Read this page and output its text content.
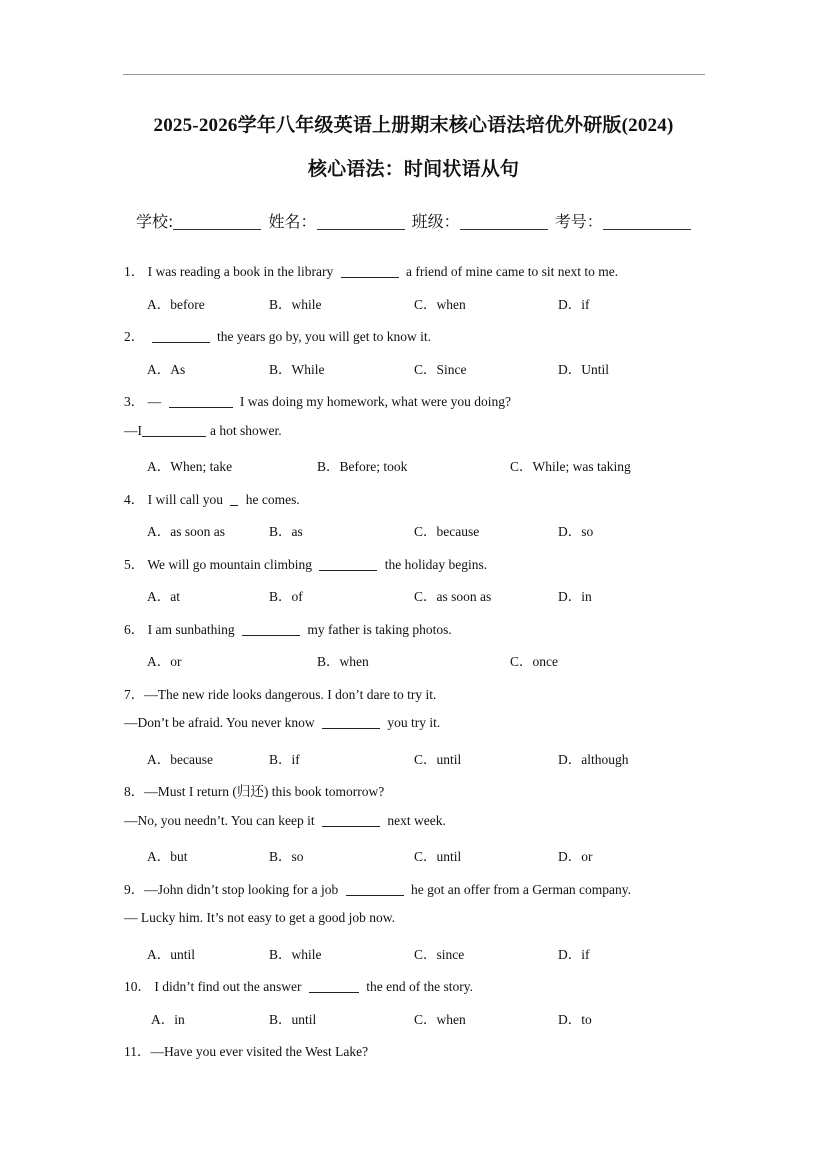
2025-2026学年八年级英语上册期末核心语法培优外研版(2024)
核心语法：时间状语从句
学校:	姓名：	班级：	考号：
1． I was reading a book in the library	a friend of mine came to sit next to me.
A．before	B．while	C．when	D．if
2．	the years go by, you will get to know it.
A．As	B．While	C．Since	D．Until
3． —	I was doing my homework, what were you doing?
—I	a hot shower.
A．When; take	B．Before; took	C．While; was taking
4． I will call you he comes.
A．as soon as	B．as	C．because	D．so
5． We will go mountain climbing	the holiday begins.
A．at	B．of	C．as soon as	D．in
6． I am sunbathing	my father is taking photos.
A．or	B．when	C．once
7．—The new ride looks dangerous. I don’t dare to try it.
—Don’t be afraid. You never know	you try it.
A．because	B．if	C．until	D．although
8．—Must I return (归还) this book tomorrow?
—No, you needn’t. You can keep it	next week.
A．but	B．so	C．until	D．or
9．—John didn’t stop looking for a job	he got an offer from a German company.
— Lucky him. It’s not easy to get a good job now.
A．until	B．while	C．since	D．if
10． I didn’t find out the answer	the end of the story.
A．in	B．until	C．when	D．to
11．—Have you ever visited the West Lake?
